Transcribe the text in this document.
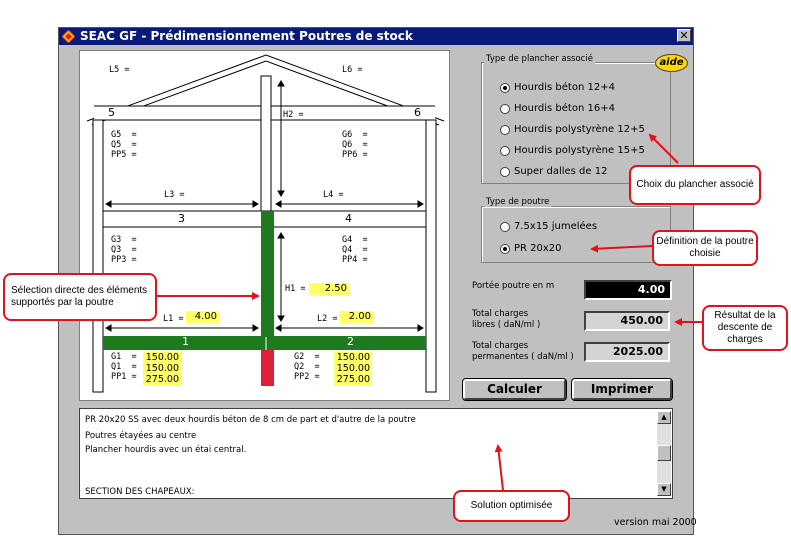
SEAC GF - Prédimensionnement Poutres de stock	✕
5	6
3	4
1	2
L5 =	L6 =
H2 =
L3 =	L4 =
H1 =	2.50
L1 =	4.00	L2 =	2.00
G5  =
Q5  =
PP5 =
G6  =
Q6  =
PP6 =
G3  =
Q3  =
PP3 =
G4  =
Q4  =
PP4 =
G1  =
Q1  =
PP1 =
150.00
150.00
275.00
G2  =
Q2  =
PP2 =
150.00
150.00
275.00
Type de plancher associé	aide
Hourdis béton 12+4
Hourdis béton 16+4
Hourdis polystyrène 12+5
Hourdis polystyrène 15+5
Super dalles de 12
Type de poutre
7.5x15 jumelées
PR 20x20
Portée poutre en m	4.00
Total charges
libres ( daN/ml )	450.00
Total charges
permanentes ( daN/ml )	2025.00
Calculer	Imprimer
PR 20x20 SS avec deux hourdis béton de 8 cm de part et d'autre de la poutre
Poutres étayées au centre
Plancher hourdis avec un étai central.
SECTION DES CHAPEAUX:
▲
▼
version mai 2000
Choix du plancher associé
Définition de la poutre choisie
Résultat de la descente de charges
Sélection directe des éléments supportés par la poutre
Solution optimisée
